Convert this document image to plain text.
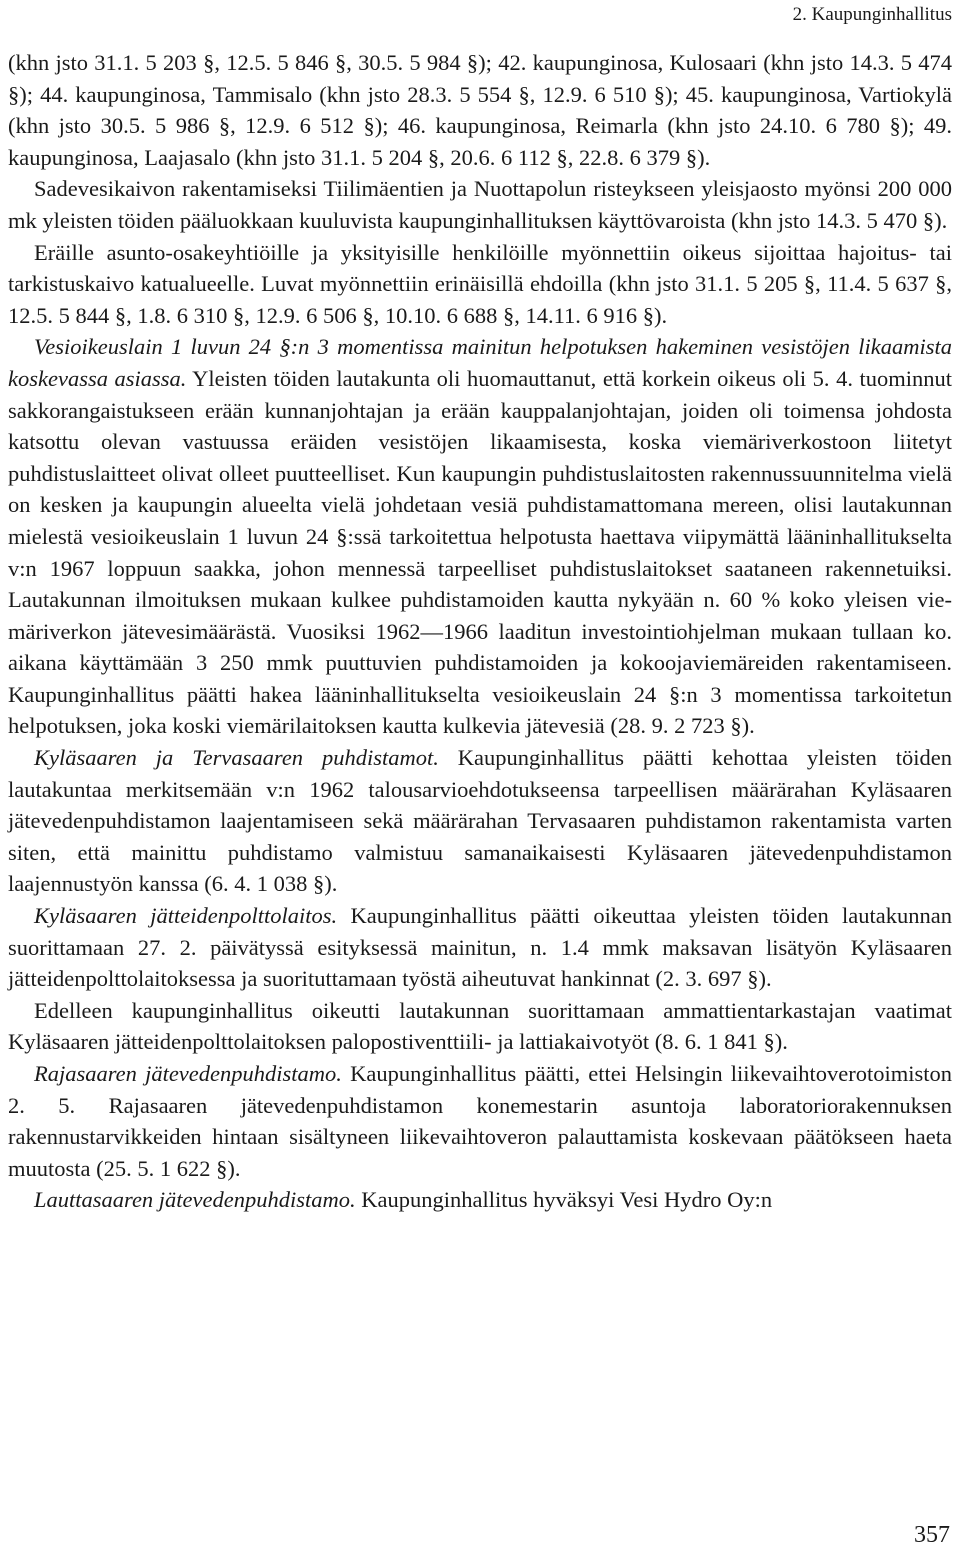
2. Kaupunginhallitus

(khn jsto 31.1. 5 203 §, 12.5. 5 846 §, 30.5. 5 984 §); 42. kaupunginosa, Kulosaari (khn jsto 14.3. 5 474 §); 44. kaupunginosa, Tammisalo (khn jsto 28.3. 5 554 §, 12.9. 6 510 §); 45. kaupunginosa, Vartiokylä (khn jsto 30.5. 5 986 §, 12.9. 6 512 §); 46. kaupunginosa, Reimarla (khn jsto 24.10. 6 780 §); 49. kaupunginosa, Laajasalo (khn jsto 31.1. 5 204 §, 20.6. 6 112 §, 22.8. 6 379 §).

Sadevesikaivon rakentamiseksi Tiilimäentien ja Nuottapolun risteykseen yleisjaosto myönsi 200 000 mk yleisten töiden pääluokkaan kuuluvista kaupunginhallituksen käyttövaroista (khn jsto 14.3. 5 470 §).

Eräille asunto-osakeyhtiöille ja yksityisille henkilöille myönnettiin oikeus sijoittaa hajoitus- tai tarkistuskaivo katualueelle. Luvat myönnettiin erinäisillä ehdoilla (khn jsto 31.1. 5 205 §, 11.4. 5 637 §, 12.5. 5 844 §, 1.8. 6 310 §, 12.9. 6 506 §, 10.10. 6 688 §, 14.11. 6 916 §).

Vesioikeuslain 1 luvun 24 §:n 3 momentissa mainitun helpotuksen hakeminen vesistöjen likaamista koskevassa asiassa. Yleisten töiden lautakunta oli huomauttanut, että korkein oikeus oli 5. 4. tuominnut sakkorangaistukseen erään kunnanjohtajan ja erään kauppalanjohtajan, joiden oli toimensa johdosta katsottu olevan vastuussa eräiden vesistöjen likaamisesta, koska viemäriverkostoon liitetyt puhdistuslaitteet olivat olleet puutteelliset. Kun kaupungin puhdistuslaitosten rakennussuunnitelma vielä on kesken ja kaupungin alueelta vielä johdetaan vesiä puhdistamattomana mereen, olisi lautakunnan mielestä vesioikeuslain 1 luvun 24 §:ssä tarkoitettua helpotusta haettava viipymättä lääninhallitukselta v:n 1967 loppuun saakka, johon mennessä tarpeelliset puhdistuslaitokset saataneen rakennetuiksi. Lautakunnan ilmoituksen mukaan kulkee puhdistamoiden kautta nykyään n. 60 % koko yleisen viemäriverkon jätevesimäärästä. Vuosiksi 1962—1966 laaditun investointiohjelman mukaan tullaan ko. aikana käyttämään 3 250 mmk puuttuvien puhdistamoiden ja kokoojaviemäreiden rakentamiseen. Kaupunginhallitus päätti hakea lääninhallitukselta vesioikeuslain 24 §:n 3 momentissa tarkoitetun helpotuksen, joka koski viemärilaitoksen kautta kulkevia jätevesiä (28. 9. 2 723 §).

Kyläsaaren ja Tervasaaren puhdistamot. Kaupunginhallitus päätti kehottaa yleisten töiden lautakuntaa merkitsemään v:n 1962 talousarvioehdotukseensa tarpeellisen määrärahan Kyläsaaren jätevedenpuhdistamon laajentamiseen sekä määrärahan Tervasaaren puhdistamon rakentamista varten siten, että mainittu puhdistamo valmistuu samanaikaisesti Kyläsaaren jätevedenpuhdistamon laajennustyön kanssa (6. 4. 1 038 §).

Kyläsaaren jätteidenpolttolaitos. Kaupunginhallitus päätti oikeuttaa yleisten töiden lautakunnan suorittamaan 27. 2. päivätyssä esityksessä mainitun, n. 1.4 mmk maksavan lisätyön Kyläsaaren jätteidenpolttolaitoksessa ja suorituttamaan työstä aiheutuvat hankinnat (2. 3. 697 §).

Edelleen kaupunginhallitus oikeutti lautakunnan suorittamaan ammattientarkastajan vaatimat Kyläsaaren jätteidenpolttolaitoksen palopostiventtiili- ja lattiakaivotyöt (8. 6. 1 841 §).

Rajasaaren jätevedenpuhdistamo. Kaupunginhallitus päätti, ettei Helsingin liikevaihtoverotoimiston 2. 5. Rajasaaren jätevedenpuhdistamon konemestarin asuntoja laboratoriorakennuksen rakennustarvikkeiden hintaan sisältyneen liikevaihtoveron palauttamista koskevaan päätökseen haeta muutosta (25. 5. 1 622 §).

Lauttasaaren jätevedenpuhdistamo. Kaupunginhallitus hyväksyi Vesi Hydro Oy:n

357
